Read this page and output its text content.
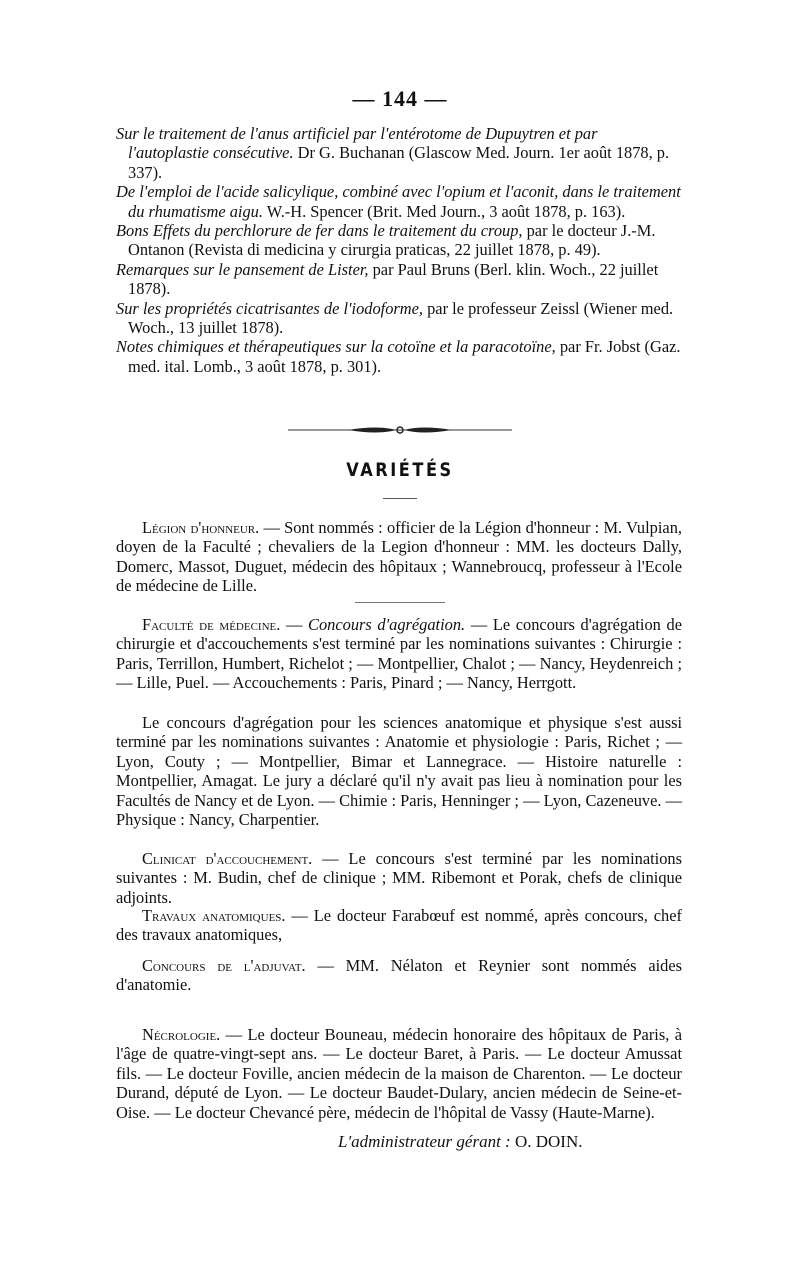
— 144 —

Sur le traitement de l'anus artificiel par l'entérotome de Dupuytren et par l'autoplastie consécutive. Dr G. Buchanan (Glascow Med. Journ. 1er août 1878, p. 337).

De l'emploi de l'acide salicylique, combiné avec l'opium et l'aconit, dans le traitement du rhumatisme aigu. W.-H. Spencer (Brit. Med Journ., 3 août 1878, p. 163).

Bons Effets du perchlorure de fer dans le traitement du croup, par le docteur J.-M. Ontanon (Revista di medicina y cirurgia praticas, 22 juillet 1878, p. 49).

Remarques sur le pansement de Lister, par Paul Bruns (Berl. klin. Woch., 22 juillet 1878).

Sur les propriétés cicatrisantes de l'iodoforme, par le professeur Zeissl (Wiener med. Woch., 13 juillet 1878).

Notes chimiques et thérapeutiques sur la cotoïne et la paracotoïne, par Fr. Jobst (Gaz. med. ital. Lomb., 3 août 1878, p. 301).

VARIÉTÉS

Légion d'honneur. — Sont nommés : officier de la Légion d'honneur : M. Vulpian, doyen de la Faculté ; chevaliers de la Legion d'honneur : MM. les docteurs Dally, Domerc, Massot, Duguet, médecin des hôpitaux ; Wannebroucq, professeur à l'Ecole de médecine de Lille.

Faculté de médecine. — Concours d'agrégation. — Le concours d'agrégation de chirurgie et d'accouchements s'est terminé par les nominations suivantes : Chirurgie : Paris, Terrillon, Humbert, Richelot ; — Montpellier, Chalot ; — Nancy, Heydenreich ; — Lille, Puel. — Accouchements : Paris, Pinard ; — Nancy, Herrgott.

Le concours d'agrégation pour les sciences anatomique et physique s'est aussi terminé par les nominations suivantes : Anatomie et physiologie : Paris, Richet ; — Lyon, Couty ; — Montpellier, Bimar et Lannegrace. — Histoire naturelle : Montpellier, Amagat. Le jury a déclaré qu'il n'y avait pas lieu à nomination pour les Facultés de Nancy et de Lyon. — Chimie : Paris, Henninger ; — Lyon, Cazeneuve. — Physique : Nancy, Charpentier.

Clinicat d'accouchement. — Le concours s'est terminé par les nominations suivantes : M. Budin, chef de clinique ; MM. Ribemont et Porak, chefs de clinique adjoints.

Travaux anatomiques. — Le docteur Farabœuf est nommé, après concours, chef des travaux anatomiques,

Concours de l'adjuvat. — MM. Nélaton et Reynier sont nommés aides d'anatomie.

Nécrologie. — Le docteur Bouneau, médecin honoraire des hôpitaux de Paris, à l'âge de quatre-vingt-sept ans. — Le docteur Baret, à Paris. — Le docteur Amussat fils. — Le docteur Foville, ancien médecin de la maison de Charenton. — Le docteur Durand, député de Lyon. — Le docteur Baudet-Dulary, ancien médecin de Seine-et-Oise. — Le docteur Chevancé père, médecin de l'hôpital de Vassy (Haute-Marne).

L'administrateur gérant : O. DOIN.
